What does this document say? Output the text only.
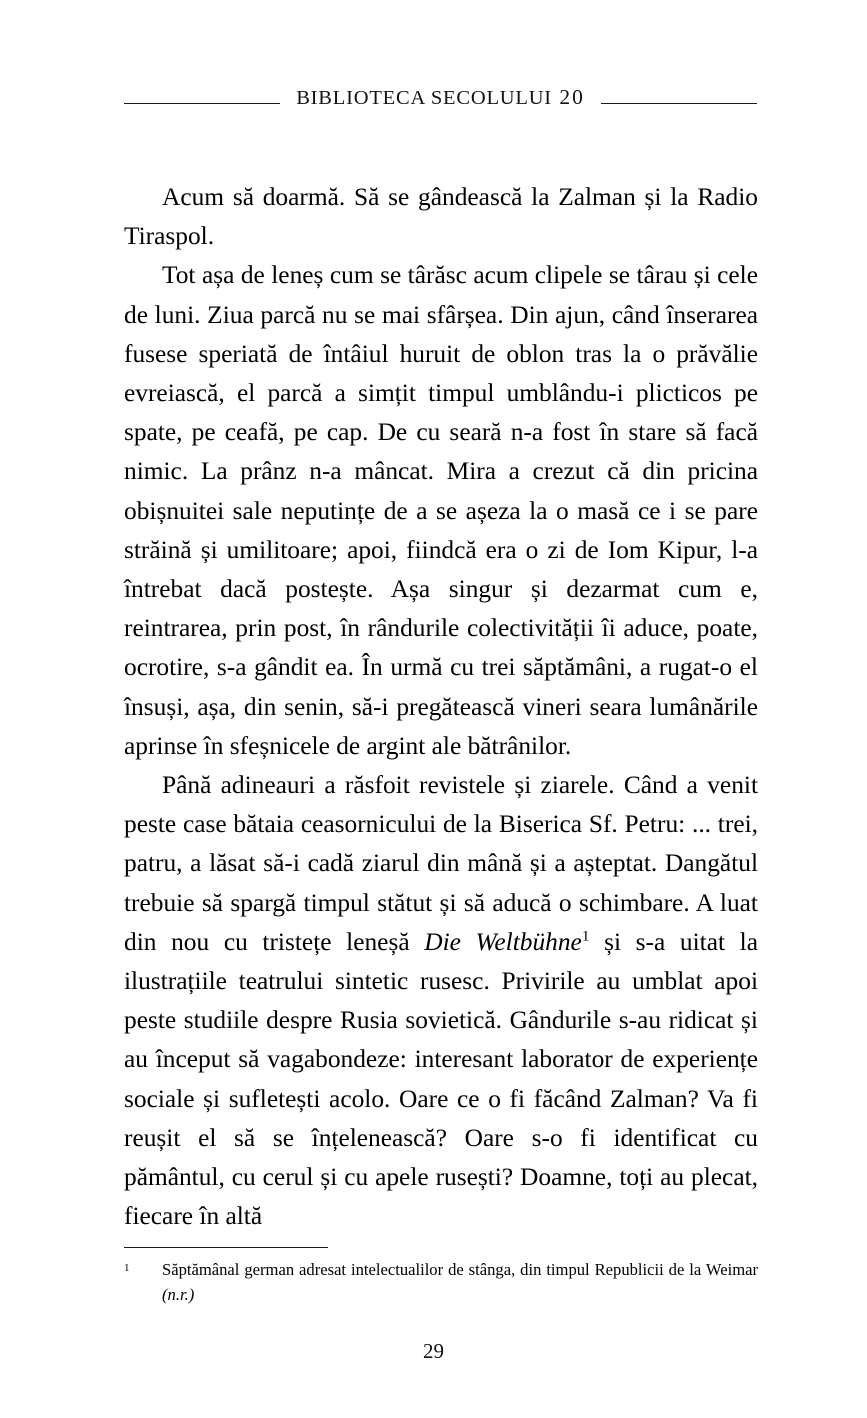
BIBLIOTECA SECOLULUI 20

Acum să doarmă. Să se gândească la Zalman și la Radio Tiraspol.

Tot așa de leneș cum se târăsc acum clipele se târau și cele de luni. Ziua parcă nu se mai sfârșea. Din ajun, când înserarea fusese speriată de întâiul huruit de oblon tras la o prăvălie evreiască, el parcă a simțit timpul umblându-i plicticos pe spate, pe ceafă, pe cap. De cu seară n-a fost în stare să facă nimic. La prânz n-a mâncat. Mira a crezut că din pricina obișnuitei sale neputințe de a se așeza la o masă ce i se pare străină și umilitoare; apoi, fiindcă era o zi de Iom Kipur, l-a întrebat dacă postește. Așa singur și dezarmat cum e, reintrarea, prin post, în rândurile colectivității îi aduce, poate, ocrotire, s-a gândit ea. În urmă cu trei săptămâni, a rugat-o el însuși, așa, din senin, să-i pregătească vineri seara lumânările aprinse în sfeșnicele de argint ale bătrânilor.

Până adineauri a răsfoit revistele și ziarele. Când a venit peste case bătaia ceasornicului de la Biserica Sf. Petru: ... trei, patru, a lăsat să-i cadă ziarul din mână și a așteptat. Dangătul trebuie să spargă timpul stătut și să aducă o schimbare. A luat din nou cu tristețe leneșă Die Weltbühne$^1$ și s-a uitat la ilustrațiile teatrului sintetic rusesc. Privirile au umblat apoi peste studiile despre Rusia sovietică. Gândurile s-au ridicat și au început să vagabondeze: interesant laborator de experiențe sociale și sufletești acolo. Oare ce o fi făcând Zalman? Va fi reușit el să se înțelenească? Oare s-o fi identificat cu pământul, cu cerul și cu apele rusești? Doamne, toți au plecat, fiecare în altă

1 Săptămânal german adresat intelectualilor de stânga, din timpul Republicii de la Weimar (n.r.)

29
